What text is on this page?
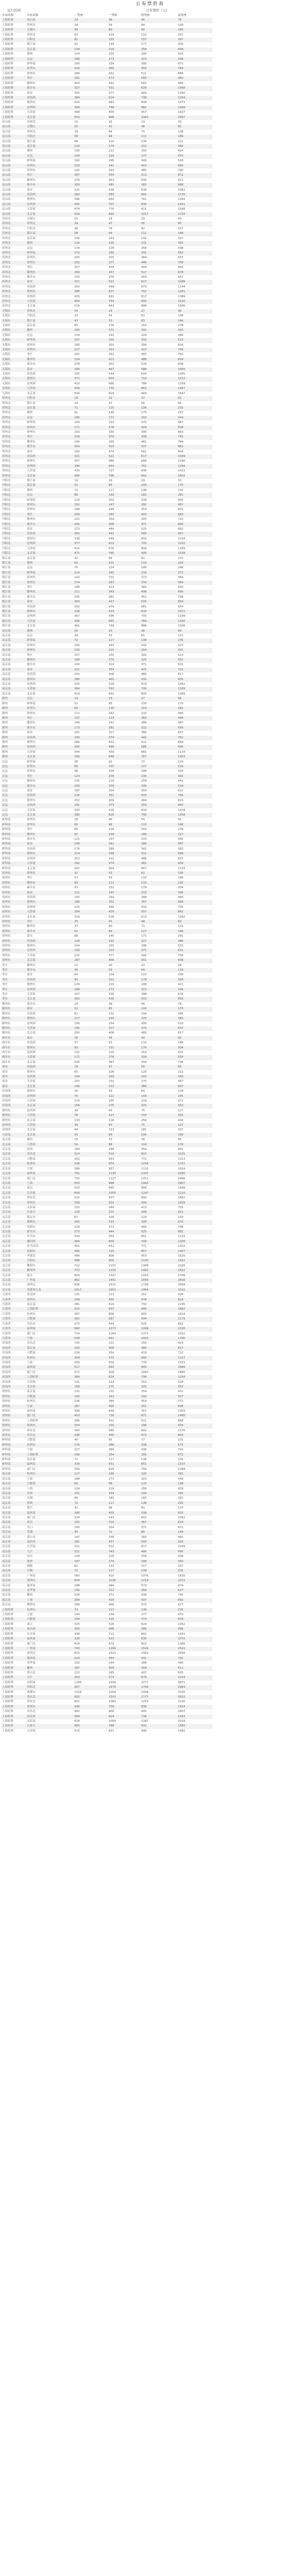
公布票价表
运行区间	公布票价（元）
车站名称	车站名称	二等座	一等座	特等座	商务座
上海虹桥	昆山南	24	39	45	76
上海虹桥	苏州北	34	54	64	109
上海虹桥	无锡东	49	80	94	160
上海虹桥	常州北	63	103	122	207
上海虹桥	丹阳北	82	133	157	267
上海虹桥	镇江南	92	149	177	300
上海虹桥	南京南	134	219	258	439
上海虹桥	滁州	154	250	296	503
上海虹桥	定远	168	273	323	548
上海虹桥	蚌埠南	206	334	395	671
上海虹桥	宿州东	234	380	450	764
上海虹桥	徐州东	266	432	511	868
上海虹桥	枣庄	291	473	560	950
上海虹桥	滕州东	303	492	582	989
上海虹桥	曲阜东	327	531	628	1068
上海虹桥	泰安	355	577	683	1160
上海虹桥	济南西	384	624	738	1254
上海虹桥	德州东	420	683	808	1373
上海虹桥	沧州西	459	746	882	1499
上海虹桥	天津南	498	809	957	1627
上海虹桥	北京南	553	898	1063	1807
昆山南	苏州北	10	16	19	33
昆山南	无锡东	25	41	48	82
昆山南	常州北	39	64	75	128
昆山南	丹阳北	58	94	111	189
昆山南	镇江南	68	110	130	221
昆山南	南京南	110	179	212	360
昆山南	滁州	130	211	250	424
昆山南	定远	144	234	277	470
昆山南	蚌埠南	182	295	349	593
昆山南	宿州东	210	341	403	685
昆山南	徐州东	242	393	465	790
昆山南	枣庄	267	434	513	872
昆山南	滕州东	279	453	536	911
昆山南	曲阜东	303	492	582	989
昆山南	泰安	331	538	636	1081
昆山南	济南西	360	585	692	1176
昆山南	德州东	396	644	761	1294
昆山南	沧州西	435	707	836	1421
昆山南	天津南	474	770	911	1548
昆山南	北京南	529	860	1017	1729
苏州北	无锡东	15	24	29	49
苏州北	常州北	29	47	56	95
苏州北	丹阳北	48	78	92	157
苏州北	镇江南	58	94	111	189
苏州北	南京南	100	163	192	327
苏州北	滁州	120	195	231	392
苏州北	定远	134	218	258	438
苏州北	蚌埠南	172	280	331	562
苏州北	宿州东	200	325	384	653
苏州北	徐州东	232	377	446	758
苏州北	枣庄	257	418	494	840
苏州北	滕州东	269	437	517	878
苏州北	曲阜东	293	476	563	957
苏州北	泰安	321	522	617	1049
苏州北	济南西	350	569	673	1144
苏州北	德州东	386	627	742	1261
苏州北	沧州西	425	691	817	1389
苏州北	天津南	464	754	892	1516
苏州北	北京南	519	843	998	1696
无锡东	常州北	14	23	27	46
无锡东	丹阳北	33	54	63	108
无锡东	镇江南	43	70	83	140
无锡东	南京南	85	138	163	278
无锡东	滁州	105	171	202	343
无锡东	定远	119	193	229	389
无锡东	蚌埠南	157	255	302	513
无锡东	宿州东	185	301	356	604
无锡东	徐州东	217	353	417	709
无锡东	枣庄	242	393	465	791
无锡东	滕州东	254	413	488	829
无锡东	曲阜东	278	452	534	908
无锡东	泰安	306	497	588	1000
无锡东	济南西	335	544	644	1095
无锡东	德州东	371	603	713	1212
无锡东	沧州西	410	666	788	1339
无锡东	天津南	449	730	863	1467
无锡东	北京南	504	819	969	1647
常州北	丹阳北	19	31	37	62
常州北	镇江南	29	47	56	95
常州北	南京南	71	115	136	232
常州北	滁州	91	148	175	297
常州北	定远	105	171	202	343
常州北	蚌埠南	143	232	275	467
常州北	宿州东	171	278	329	558
常州北	徐州东	203	330	390	663
常州北	枣庄	228	370	438	745
常州北	滕州东	240	390	461	784
常州北	曲阜东	264	429	507	862
常州北	泰安	292	474	561	954
常州北	济南西	321	522	617	1049
常州北	德州东	357	580	686	1166
常州北	沧州西	396	644	761	1294
常州北	天津南	435	707	836	1421
常州北	北京南	490	796	942	1601
丹阳北	镇江南	10	16	19	33
丹阳北	南京南	52	85	100	170
丹阳北	滁州	72	117	138	235
丹阳北	定远	86	140	165	281
丹阳北	蚌埠南	124	202	238	405
丹阳北	宿州东	152	247	292	497
丹阳北	徐州东	184	299	354	601
丹阳北	枣庄	209	340	402	683
丹阳北	滕州东	221	359	425	722
丹阳北	曲阜东	245	398	471	800
丹阳北	泰安	273	444	525	892
丹阳北	济南西	302	491	580	987
丹阳北	德州东	338	549	650	1104
丹阳北	沧州西	377	613	725	1232
丹阳北	天津南	416	676	800	1359
丹阳北	北京南	471	765	905	1539
镇江南	南京南	42	68	81	137
镇江南	滁州	62	101	119	203
镇江南	定远	76	124	146	248
镇江南	蚌埠南	114	185	219	372
镇江南	宿州东	142	231	273	464
镇江南	徐州东	174	283	334	569
镇江南	枣庄	199	323	382	650
镇江南	滕州东	211	343	406	690
镇江南	曲阜东	235	382	452	768
镇江南	泰安	263	427	505	859
镇江南	济南西	292	474	561	954
镇江南	德州东	328	533	630	1072
镇江南	沧州西	367	596	705	1199
镇江南	天津南	406	660	780	1326
镇江南	北京南	461	749	886	1506
南京南	滁州	20	33	38	65
南京南	定远	34	55	65	111
南京南	蚌埠南	72	117	138	235
南京南	宿州东	100	163	192	327
南京南	徐州东	132	215	254	431
南京南	枣庄	157	255	302	513
南京南	滕州东	169	275	325	552
南京南	曲阜东	193	314	371	631
南京南	泰安	221	359	425	722
南京南	济南西	250	406	480	817
南京南	德州东	286	465	550	935
南京南	沧州西	325	528	624	1062
南京南	天津南	364	592	700	1189
南京南	北京南	419	681	805	1369
滁州	定远	14	23	27	46
滁州	蚌埠南	52	85	100	170
滁州	宿州东	80	130	154	261
滁州	徐州东	112	182	215	366
滁州	枣庄	137	223	263	448
滁州	滕州东	149	242	286	487
滁州	曲阜东	173	281	332	565
滁州	泰安	201	327	386	657
滁州	济南西	230	374	442	751
滁州	德州东	266	432	511	869
滁州	沧州西	305	496	586	996
滁州	天津南	344	559	661	1124
滁州	北京南	399	648	767	1303
定远	蚌埠南	38	62	73	124
定远	宿州东	66	107	127	216
定远	徐州东	98	159	188	320
定远	枣庄	123	200	236	402
定远	滕州东	135	219	259	441
定远	曲阜东	159	258	306	519
定远	泰安	187	304	359	611
定远	济南西	216	351	415	706
定远	德州东	252	409	484	823
定远	沧州西	291	473	559	950
定远	天津南	330	536	634	1078
定远	北京南	385	626	740	1258
蚌埠南	宿州东	28	46	54	92
蚌埠南	徐州东	60	98	115	196
蚌埠南	枣庄	85	138	163	278
蚌埠南	滕州东	97	158	186	317
蚌埠南	曲阜东	121	197	233	395
蚌埠南	泰安	149	242	286	487
蚌埠南	济南西	178	289	342	582
蚌埠南	德州东	214	348	411	699
蚌埠南	沧州西	253	411	486	827
蚌埠南	天津南	292	474	561	954
蚌埠南	北京南	347	564	667	1134
宿州东	徐州东	32	52	61	105
宿州东	枣庄	57	93	110	186
宿州东	滕州东	69	112	133	225
宿州东	曲阜东	93	151	179	304
宿州东	泰安	121	197	233	395
宿州东	济南西	150	244	288	490
宿州东	德州东	186	302	357	608
宿州东	沧州西	225	366	432	735
宿州东	天津南	264	429	507	862
宿州东	北京南	319	518	613	1042
徐州东	枣庄	25	41	48	82
徐州东	滕州东	37	60	71	121
徐州东	曲阜东	61	99	117	199
徐州东	泰安	89	145	171	291
徐州东	济南西	118	192	227	386
徐州东	德州东	154	250	296	503
徐州东	沧州西	193	314	371	631
徐州东	天津南	232	377	446	758
徐州东	北京南	287	466	551	938
枣庄	滕州东	12	20	23	39
枣庄	曲阜东	36	59	69	118
枣庄	泰安	64	104	123	209
枣庄	济南西	93	151	179	304
枣庄	德州东	129	210	248	421
枣庄	沧州西	168	273	323	549
枣庄	天津南	207	336	398	676
枣庄	北京南	262	426	503	856
滕州东	曲阜东	24	39	46	78
滕州东	泰安	52	85	100	170
滕州东	济南西	81	132	156	265
滕州东	德州东	117	190	225	382
滕州东	沧州西	156	254	300	510
滕州东	天津南	195	317	375	637
滕州东	北京南	250	406	480	817
曲阜东	泰安	28	46	54	92
曲阜东	济南西	57	93	110	186
曲阜东	德州东	93	151	179	304
曲阜东	沧州西	132	215	254	431
曲阜东	天津南	171	278	329	559
曲阜东	北京南	226	367	434	738
泰安	济南西	29	47	56	95
泰安	德州东	65	106	125	212
泰安	沧州西	104	169	200	340
泰安	天津南	143	232	275	467
泰安	北京南	198	322	380	647
济南西	德州东	36	59	69	118
济南西	沧州西	75	122	144	245
济南西	天津南	114	185	219	372
济南西	北京南	169	275	325	552
德州东	沧州西	39	63	75	127
德州东	天津南	78	127	150	255
德州东	北京南	133	216	256	434
沧州西	天津南	39	63	75	127
沧州西	北京南	94	153	181	307
天津南	北京南	55	89	106	180
北京南	廊坊	20	33	38	65
北京南	天津西	54	88	104	176
北京南	济南	184	299	354	601
北京南	青岛北	314	510	603	1025
北京南	合肥南	402	653	772	1313
北京南	杭州东	538	874	1034	1757
北京南	宁波	589	957	1132	1924
北京南	福州南	701	1139	1347	2290
北京南	厦门北	755	1227	1451	2466
北京南	上海	553	898	1063	1807
北京南	武汉	520	845	999	1699
北京南	长沙南	649	1055	1247	2120
北京南	西安北	515	837	990	1682
北京南	郑州东	309	502	594	1009
北京南	太原南	215	349	413	702
北京南	石家庄	129	210	248	421
北京南	保定东	67	109	129	219
北京南	邯郸东	205	333	394	670
北京南	安阳东	229	372	440	748
北京南	新乡东	273	444	525	892
北京南	许昌东	344	559	661	1124
北京南	漯河西	369	600	709	1205
北京南	驻马店西	401	652	771	1310
北京南	信阳东	446	725	857	1457
北京南	孝感北	496	806	953	1620
北京南	岳阳东	588	956	1130	1921
北京南	衡阳东	712	1157	1368	2326
北京南	郴州西	772	1255	1483	2522
北京南	韶关	829	1347	1593	2708
北京南	广州南	862	1401	1656	2816
北京南	深圳北	936	1521	1799	3058
北京南	香港西九龙	1017	1653	1954	3322
天津西	济南西	131	213	252	428
天津西	徐州东	249	405	478	814
天津西	南京南	381	619	732	1245
天津西	上海虹桥	515	837	990	1682
天津西	杭州东	497	808	955	1624
天津西	合肥南	361	587	694	1179
天津西	青岛北	273	444	525	892
天津西	福州南	660	1073	1268	2156
天津西	厦门北	714	1160	1372	2332
天津西	宁波	548	891	1053	1790
济南西	青岛北	130	211	250	424
济南西	南京南	250	406	480	817
济南西	合肥南	218	354	419	712
济南西	杭州东	354	575	680	1157
济南西	宁波	405	658	778	1323
济南西	福州南	517	840	993	1689
济南西	厦门北	571	928	1097	1865
济南西	上海虹桥	384	624	738	1254
济南西	天津西	131	213	252	428
济南西	北京南	169	275	325	552
徐州东	南京南	132	215	254	431
徐州东	合肥南	100	163	192	327
徐州东	杭州东	236	384	454	771
徐州东	宁波	287	466	551	938
徐州东	福州南	399	648	767	1303
徐州东	厦门北	453	736	871	1480
徐州东	上海虹桥	266	432	511	868
徐州东	郑州东	154	250	296	503
徐州东	西安北	360	585	692	1176
徐州东	青岛北	246	400	473	803
蚌埠南	合肥南	40	65	77	131
蚌埠南	杭州东	176	286	338	575
蚌埠南	宁波	227	369	436	742
蚌埠南	上海虹桥	206	334	395	671
蚌埠南	南京南	72	117	138	235
蚌埠南	福州南	339	551	651	1107
蚌埠南	厦门北	393	639	755	1284
南京南	杭州东	117	190	225	382
南京南	宁波	168	273	323	549
南京南	合肥南	60	98	115	196
南京南	上海	134	219	258	439
南京南	苏州	101	164	194	330
南京南	无锡	86	140	165	281
南京南	常州	72	117	138	235
南京南	镇江	42	68	81	137
南京南	福州南	280	455	538	915
南京南	厦门北	334	543	642	1091
南京南	武汉	191	310	367	624
南京南	汉口	193	314	371	631
南京南	芜湖	44	72	85	144
南京南	黄山北	147	239	283	481
南京南	南昌西	281	457	540	918
南京南	长沙南	321	522	617	1049
南京南	九江	211	343	406	690
南京南	安庆	134	218	258	438
南京南	池州	107	174	206	350
南京南	铜陵	82	133	157	267
南京南	宣城	72	117	138	235
南京南	广州南	560	910	1076	1830
南京南	深圳北	634	1030	1219	2072
南京南	温州南	298	484	573	974
南京南	金华南	192	312	369	627
南京南	衢州	228	371	438	745
南京南	上饶	264	429	507	862
南京南	鹰潭北	299	486	575	977
上海虹桥	杭州东	73	117	138	235
上海虹桥	宁波	144	234	277	470
上海虹桥	合肥南	194	315	373	634
上海虹桥	武汉	325	528	624	1062
上海虹桥	南昌西	305	496	586	996
上海虹桥	长沙南	438	712	842	1431
上海虹桥	福州南	328	533	630	1072
上海虹桥	厦门北	418	679	803	1366
上海虹桥	广州南	793	1289	1524	2591
上海虹桥	深圳北	813	1321	1562	2656
上海虹桥	温州南	224	364	431	732
上海虹桥	金华南	150	244	288	490
上海虹桥	衢州	187	304	359	611
上海虹桥	黄山北	212	345	407	693
上海虹桥	九江	353	574	678	1153
上海虹桥	昆明南	1185	1926	2277	3871
上海虹桥	贵阳北	907	1474	1743	2963
上海虹桥	成都东	1018	1654	1956	3325
上海虹桥	重庆北	925	1503	1777	3022
上海虹桥	西安北	652	1060	1253	2130
上海虹桥	郑州东	436	709	838	1424
上海虹桥	青岛北	492	800	945	1607
上海虹桥	济南西	384	624	738	1254
上海虹桥	太原南	618	1004	1187	2019
上海虹桥	石家庄	485	788	932	1584
上海虹桥	天津西	515	837	990	1682
